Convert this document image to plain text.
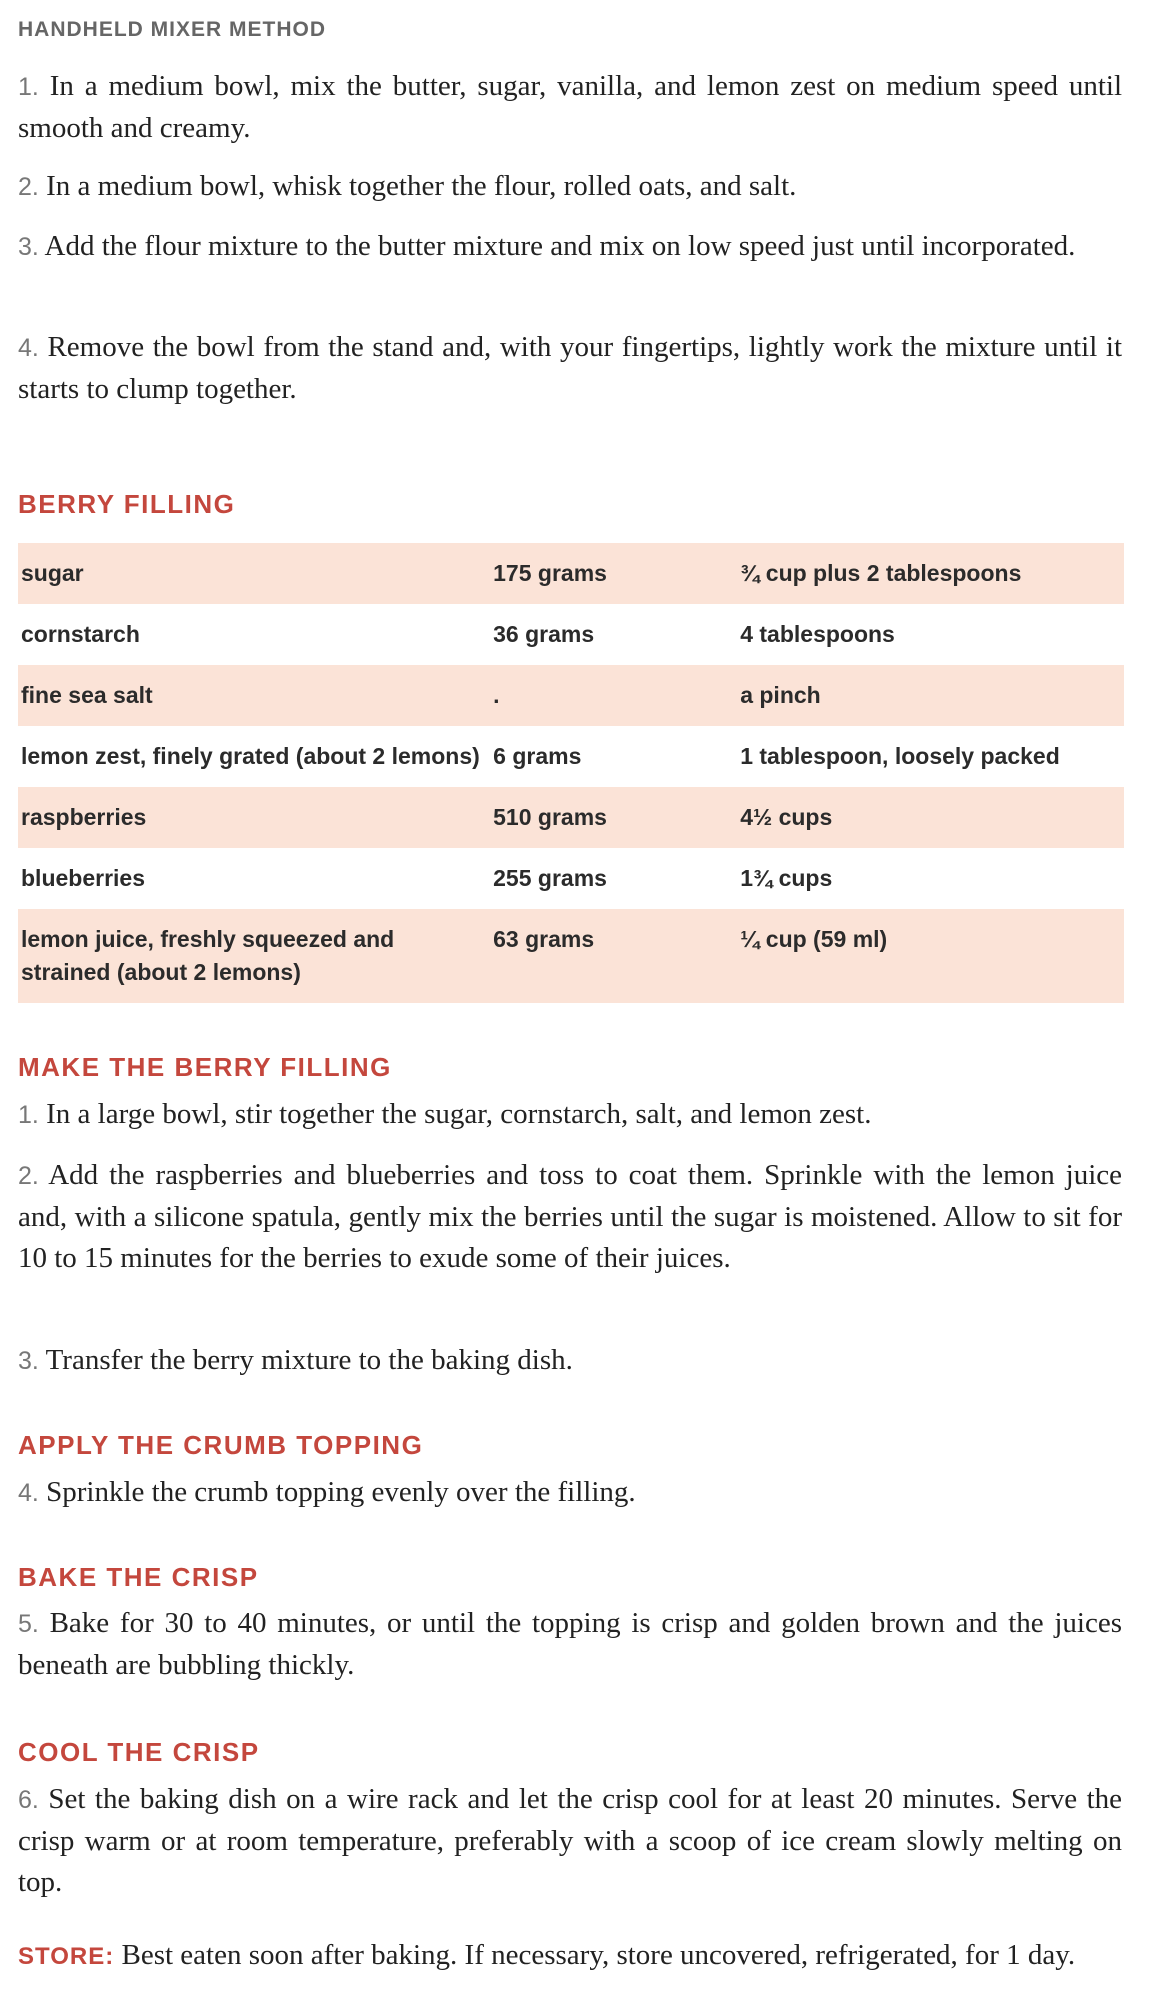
HANDHELD MIXER METHOD
1. In a medium bowl, mix the butter, sugar, vanilla, and lemon zest on medium speed until smooth and creamy.
2. In a medium bowl, whisk together the flour, rolled oats, and salt.
3. Add the flour mixture to the butter mixture and mix on low speed just until incorporated.
4. Remove the bowl from the stand and, with your fingertips, lightly work the mixture until it starts to clump together.
BERRY FILLING
sugar	175 grams	¾ cup plus 2 tablespoons
cornstarch	36 grams	4 tablespoons
fine sea salt	.	a pinch
lemon zest, finely grated (about 2 lemons)	6 grams	1 tablespoon, loosely packed
raspberries	510 grams	4½ cups
blueberries	255 grams	1¾ cups
lemon juice, freshly squeezed and strained (about 2 lemons)	63 grams	¼ cup (59 ml)
MAKE THE BERRY FILLING
1. In a large bowl, stir together the sugar, cornstarch, salt, and lemon zest.
2. Add the raspberries and blueberries and toss to coat them. Sprinkle with the lemon juice and, with a silicone spatula, gently mix the berries until the sugar is moistened. Allow to sit for 10 to 15 minutes for the berries to exude some of their juices.
3. Transfer the berry mixture to the baking dish.
APPLY THE CRUMB TOPPING
4. Sprinkle the crumb topping evenly over the filling.
BAKE THE CRISP
5. Bake for 30 to 40 minutes, or until the topping is crisp and golden brown and the juices beneath are bubbling thickly.
COOL THE CRISP
6. Set the baking dish on a wire rack and let the crisp cool for at least 20 minutes. Serve the crisp warm or at room temperature, preferably with a scoop of ice cream slowly melting on top.
STORE: Best eaten soon after baking. If necessary, store uncovered, refrigerated, for 1 day.
